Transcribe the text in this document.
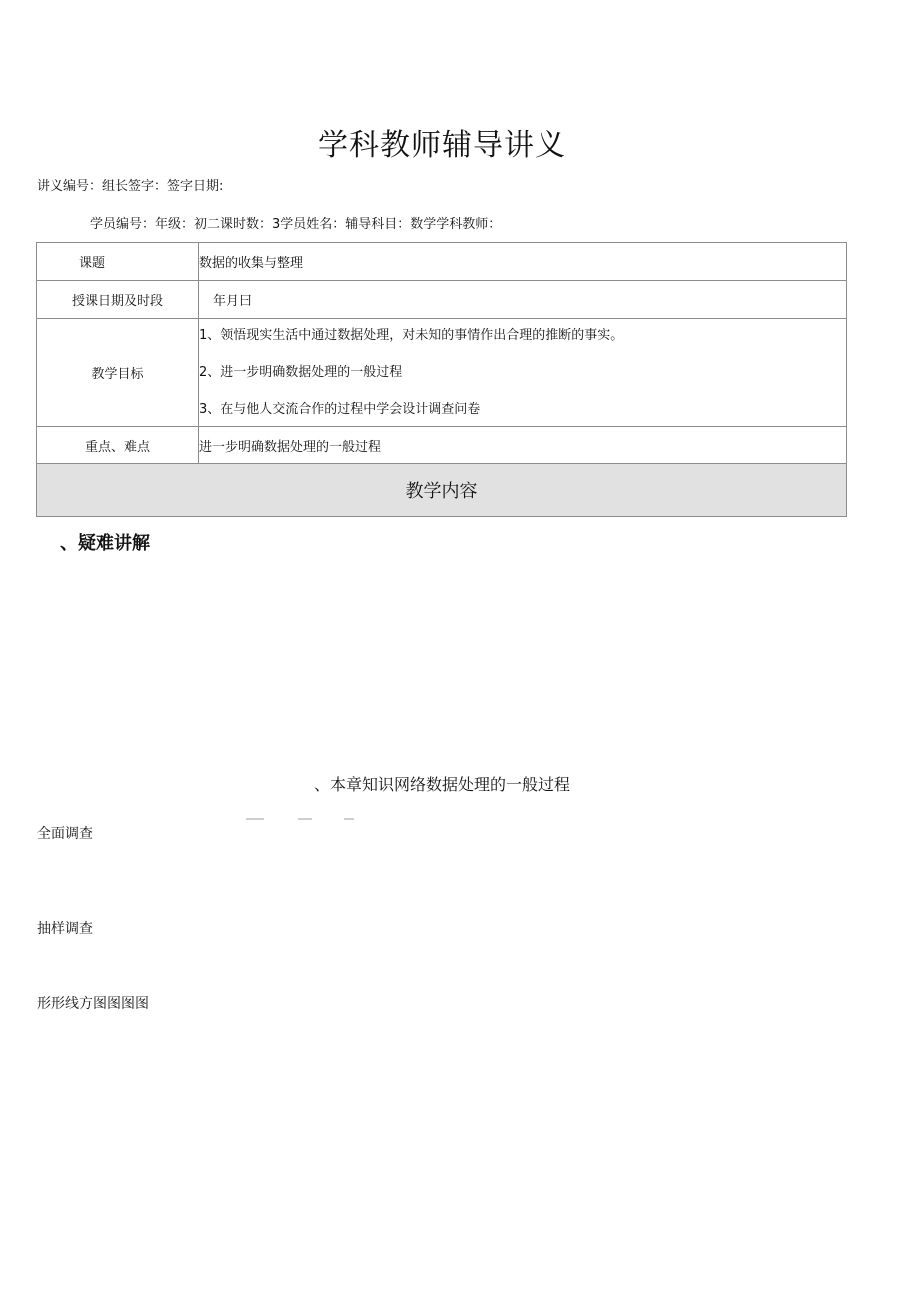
学科教师辅导讲义
讲义编号：组长签字：签字日期:
学员编号：年级：初二课时数：3学员姓名：辅导科目：数学学科教师：
课题	数据的收集与整理
授课日期及时段	年月曰
教学目标	1、领悟现实生活中通过数据处理，对未知的事情作出合理的推断的事实。
2、进一步明确数据处理的一般过程
3、在与他人交流合作的过程中学会设计调查问卷

重点、难点	进一步明确数据处理的一般过程
教学内容	
、疑难讲解
、本章知识网络数据处理的一般过程
全面调查
抽样调查
形形线方图图图图
